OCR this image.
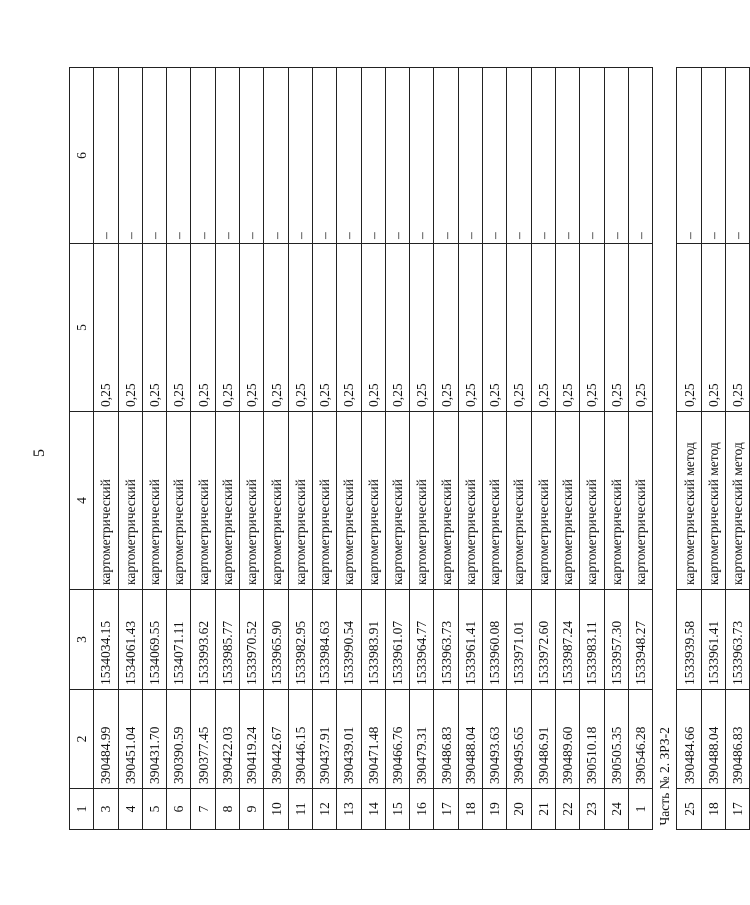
5
1	2	3	4	5	6
3	390484.99	1534034.15	картометрический	0,25	–
4	390451.04	1534061.43	картометрический	0,25	–
5	390431.70	1534069.55	картометрический	0,25	–
6	390390.59	1534071.11	картометрический	0,25	–
7	390377.45	1533993.62	картометрический	0,25	–
8	390422.03	1533985.77	картометрический	0,25	–
9	390419.24	1533970.52	картометрический	0,25	–
10	390442.67	1533965.90	картометрический	0,25	–
11	390446.15	1533982.95	картометрический	0,25	–
12	390437.91	1533984.63	картометрический	0,25	–
13	390439.01	1533990.54	картометрический	0,25	–
14	390471.48	1533983.91	картометрический	0,25	–
15	390466.76	1533961.07	картометрический	0,25	–
16	390479.31	1533964.77	картометрический	0,25	–
17	390486.83	1533963.73	картометрический	0,25	–
18	390488.04	1533961.41	картометрический	0,25	–
19	390493.63	1533960.08	картометрический	0,25	–
20	390495.65	1533971.01	картометрический	0,25	–
21	390486.91	1533972.60	картометрический	0,25	–
22	390489.60	1533987.24	картометрический	0,25	–
23	390510.18	1533983.11	картометрический	0,25	–
24	390505.35	1533957.30	картометрический	0,25	–
1	390546.28	1533948.27	картометрический	0,25	–
Часть № 2. ЗРЗ-2					
25	390484.66	1533939.58	картометрический метод	0,25	–
18	390488.04	1533961.41	картометрический метод	0,25	–
17	390486.83	1533963.73	картометрический метод	0,25	–
